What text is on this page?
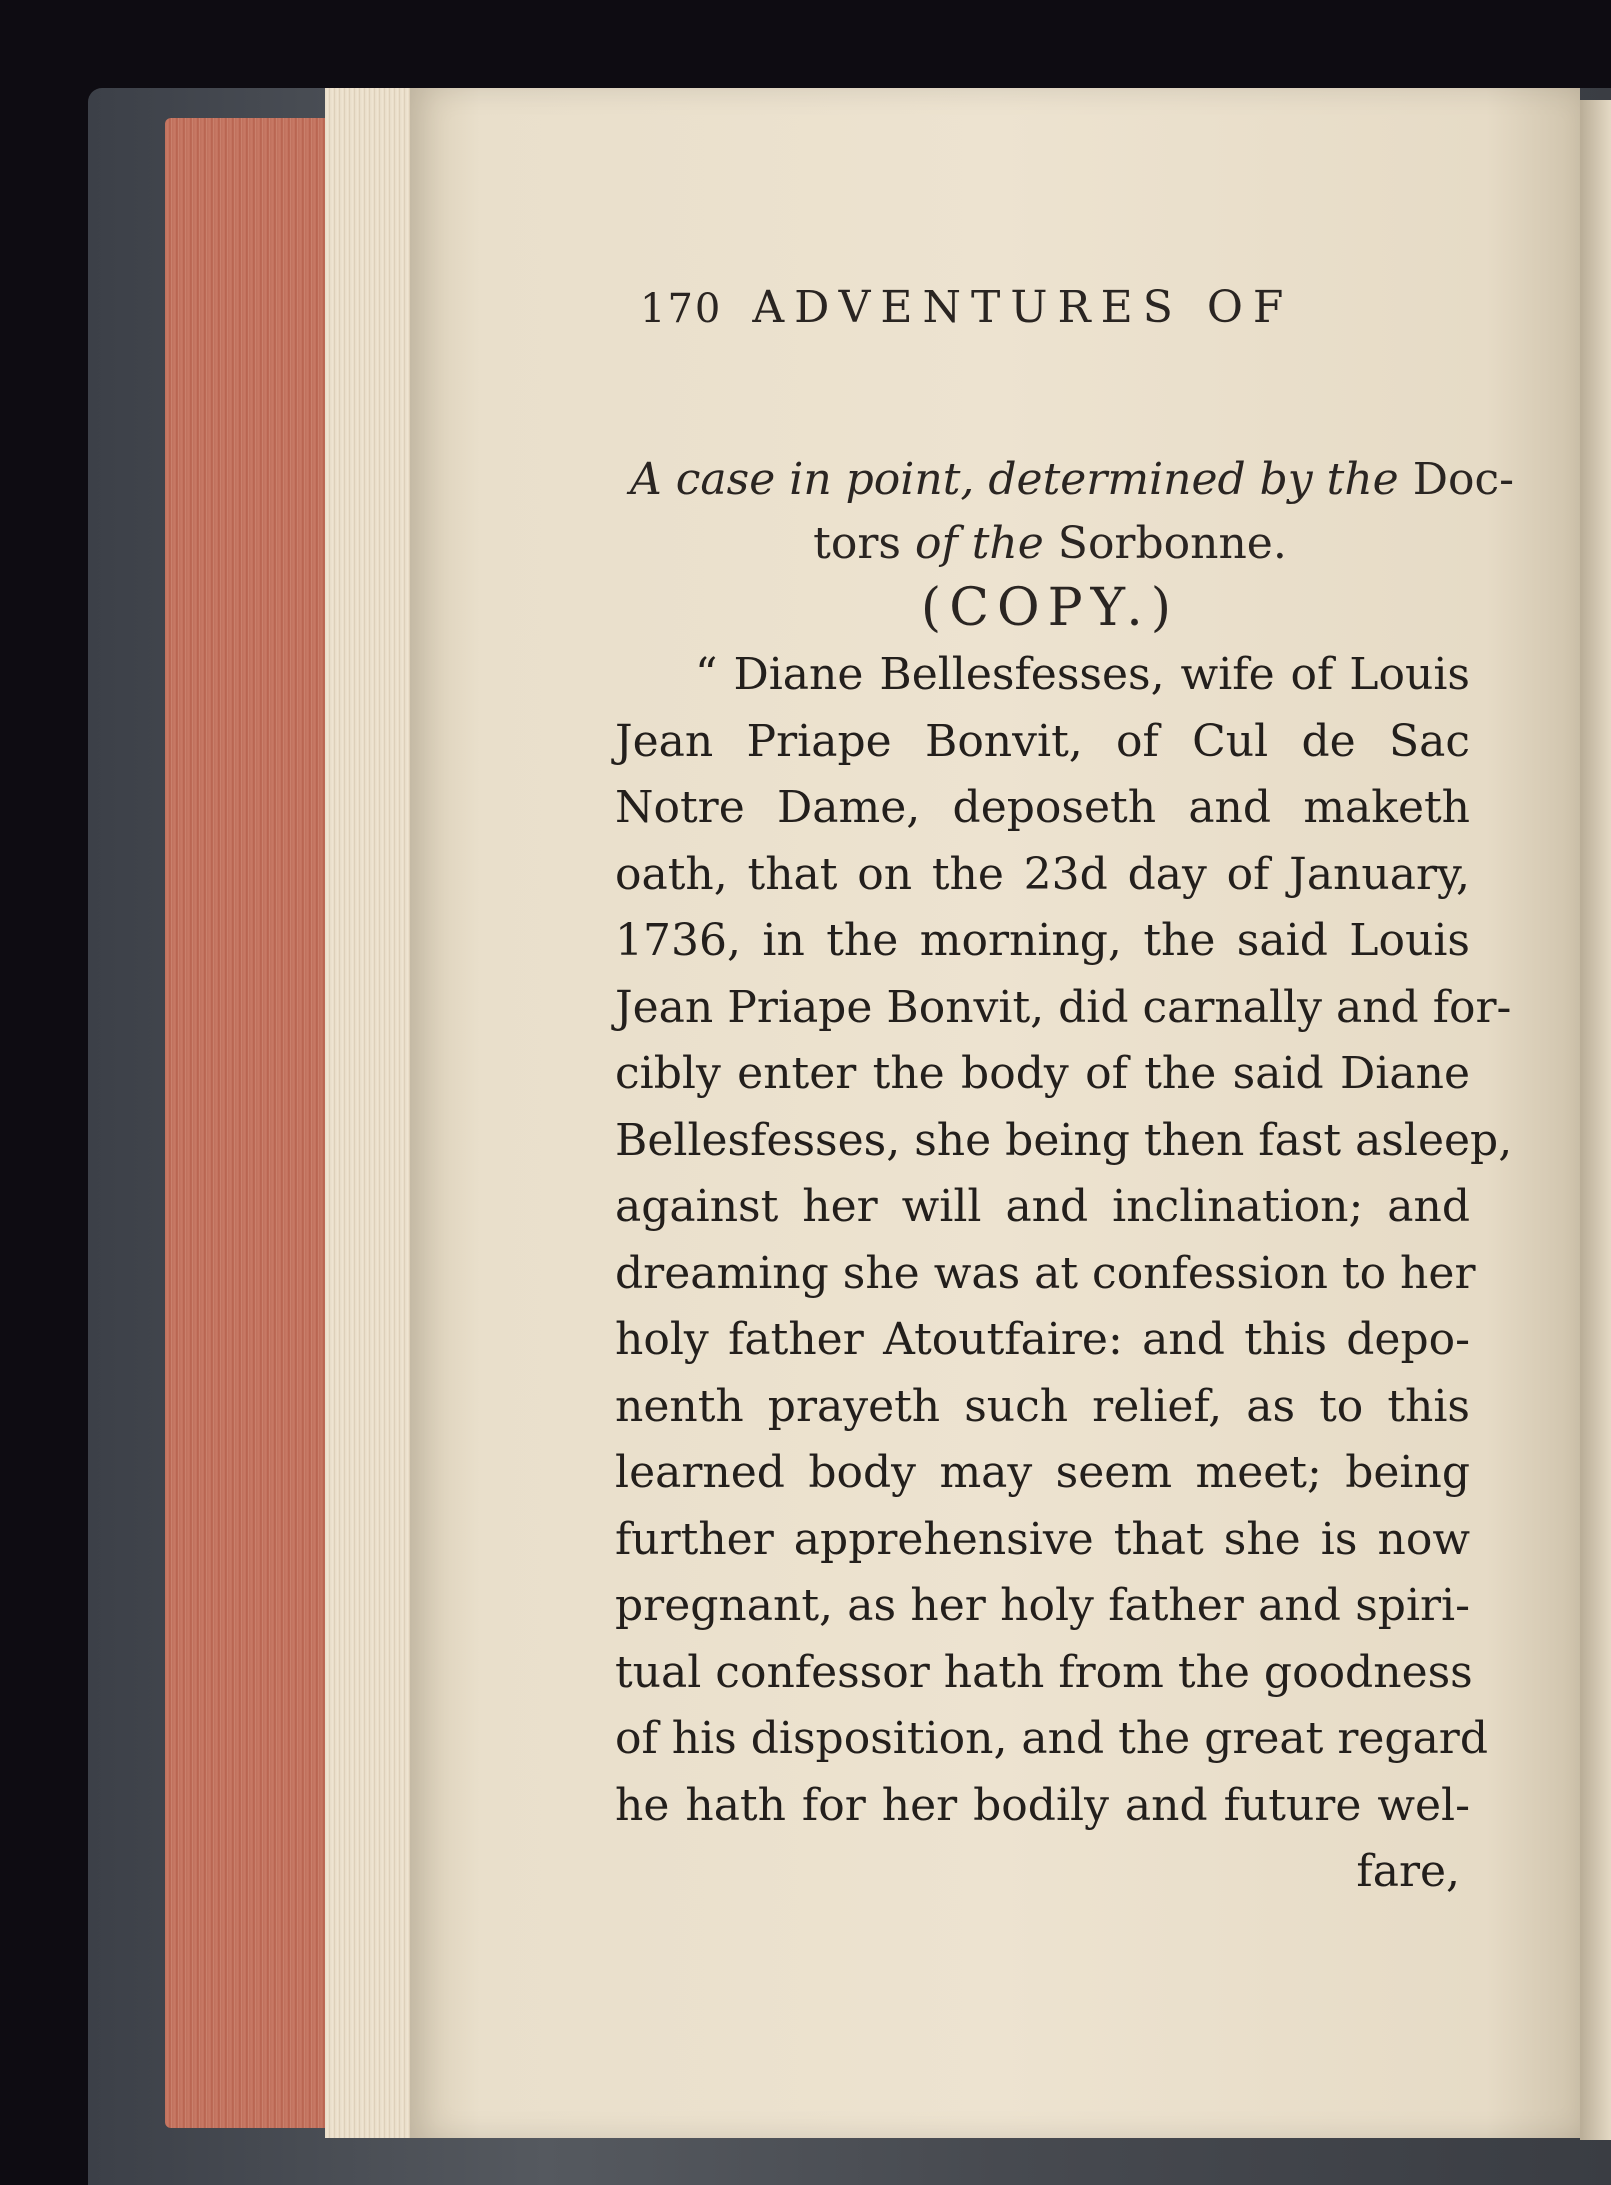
170 ADVENTURES OF
A case in point, determined by the Doc-
tors of the Sorbonne.
(COPY.)
“ Diane Bellesfesses, wife of Louis
Jean Priape Bonvit, of Cul de Sac
Notre Dame, deposeth and maketh
oath, that on the 23d day of January,
1736, in the morning, the said Louis
Jean Priape Bonvit, did carnally and for-
cibly enter the body of the said Diane
Bellesfesses, she being then fast asleep,
against her will and inclination; and
dreaming she was at confession to her
holy father Atoutfaire: and this depo-
nenth prayeth such relief, as to this
learned body may seem meet; being
further apprehensive that she is now
pregnant, as her holy father and spiri-
tual confessor hath from the goodness
of his disposition, and the great regard
he hath for her bodily and future wel-
fare,
